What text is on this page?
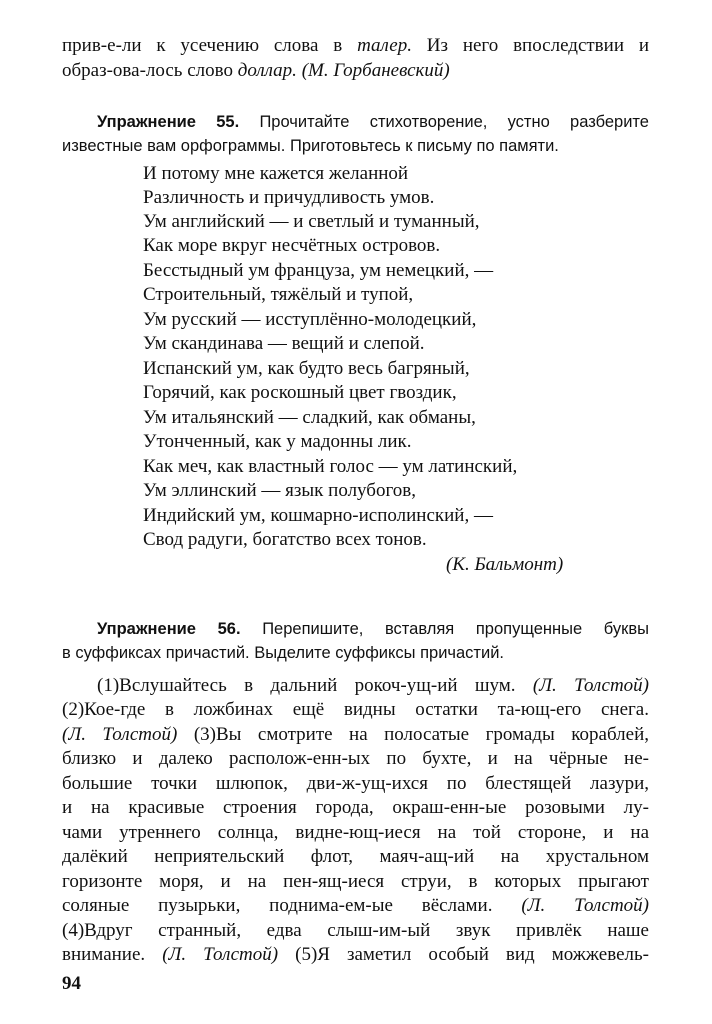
прив-е-ли к усечению слова в талер. Из него впоследствии и
образ-ова-лось слово доллар. (М. Горбаневский)
Упражнение 55. Прочитайте стихотворение, устно разберите
известные вам орфограммы. Приготовьтесь к письму по памяти.
И потому мне кажется желанной
Различность и причудливость умов.
Ум английский — и светлый и туманный,
Как море вкруг несчётных островов.
Бесстыдный ум француза, ум немецкий, —
Строительный, тяжёлый и тупой,
Ум русский — исступлённо-молодецкий,
Ум скандинава — вещий и слепой.
Испанский ум, как будто весь багряный,
Горячий, как роскошный цвет гвоздик,
Ум итальянский — сладкий, как обманы,
Утонченный, как у мадонны лик.
Как меч, как властный голос — ум латинский,
Ум эллинский — язык полубогов,
Индийский ум, кошмарно-исполинский, —
Свод радуги, богатство всех тонов.
(К. Бальмонт)
Упражнение 56. Перепишите, вставляя пропущенные буквы
в суффиксах причастий. Выделите суффиксы причастий.
(1)Вслушайтесь в дальний рокоч-ущ-ий шум. (Л. Толстой)
(2)Кое-где в ложбинах ещё видны остатки та-ющ-его снега.
(Л. Толстой) (3)Вы смотрите на полосатые громады кораблей,
близко и далеко располож-енн-ых по бухте, и на чёрные не-
большие точки шлюпок, дви-ж-ущ-ихся по блестящей лазури,
и на красивые строения города, окраш-енн-ые розовыми лу-
чами утреннего солнца, видне-ющ-иеся на той стороне, и на
далёкий неприятельский флот, маяч-ащ-ий на хрустальном
горизонте моря, и на пен-ящ-иеся струи, в которых прыгают
соляные пузырьки, поднима-ем-ые вёслами. (Л. Толстой)
(4)Вдруг странный, едва слыш-им-ый звук привлёк наше
внимание. (Л. Толстой) (5)Я заметил особый вид можжевель-
94
